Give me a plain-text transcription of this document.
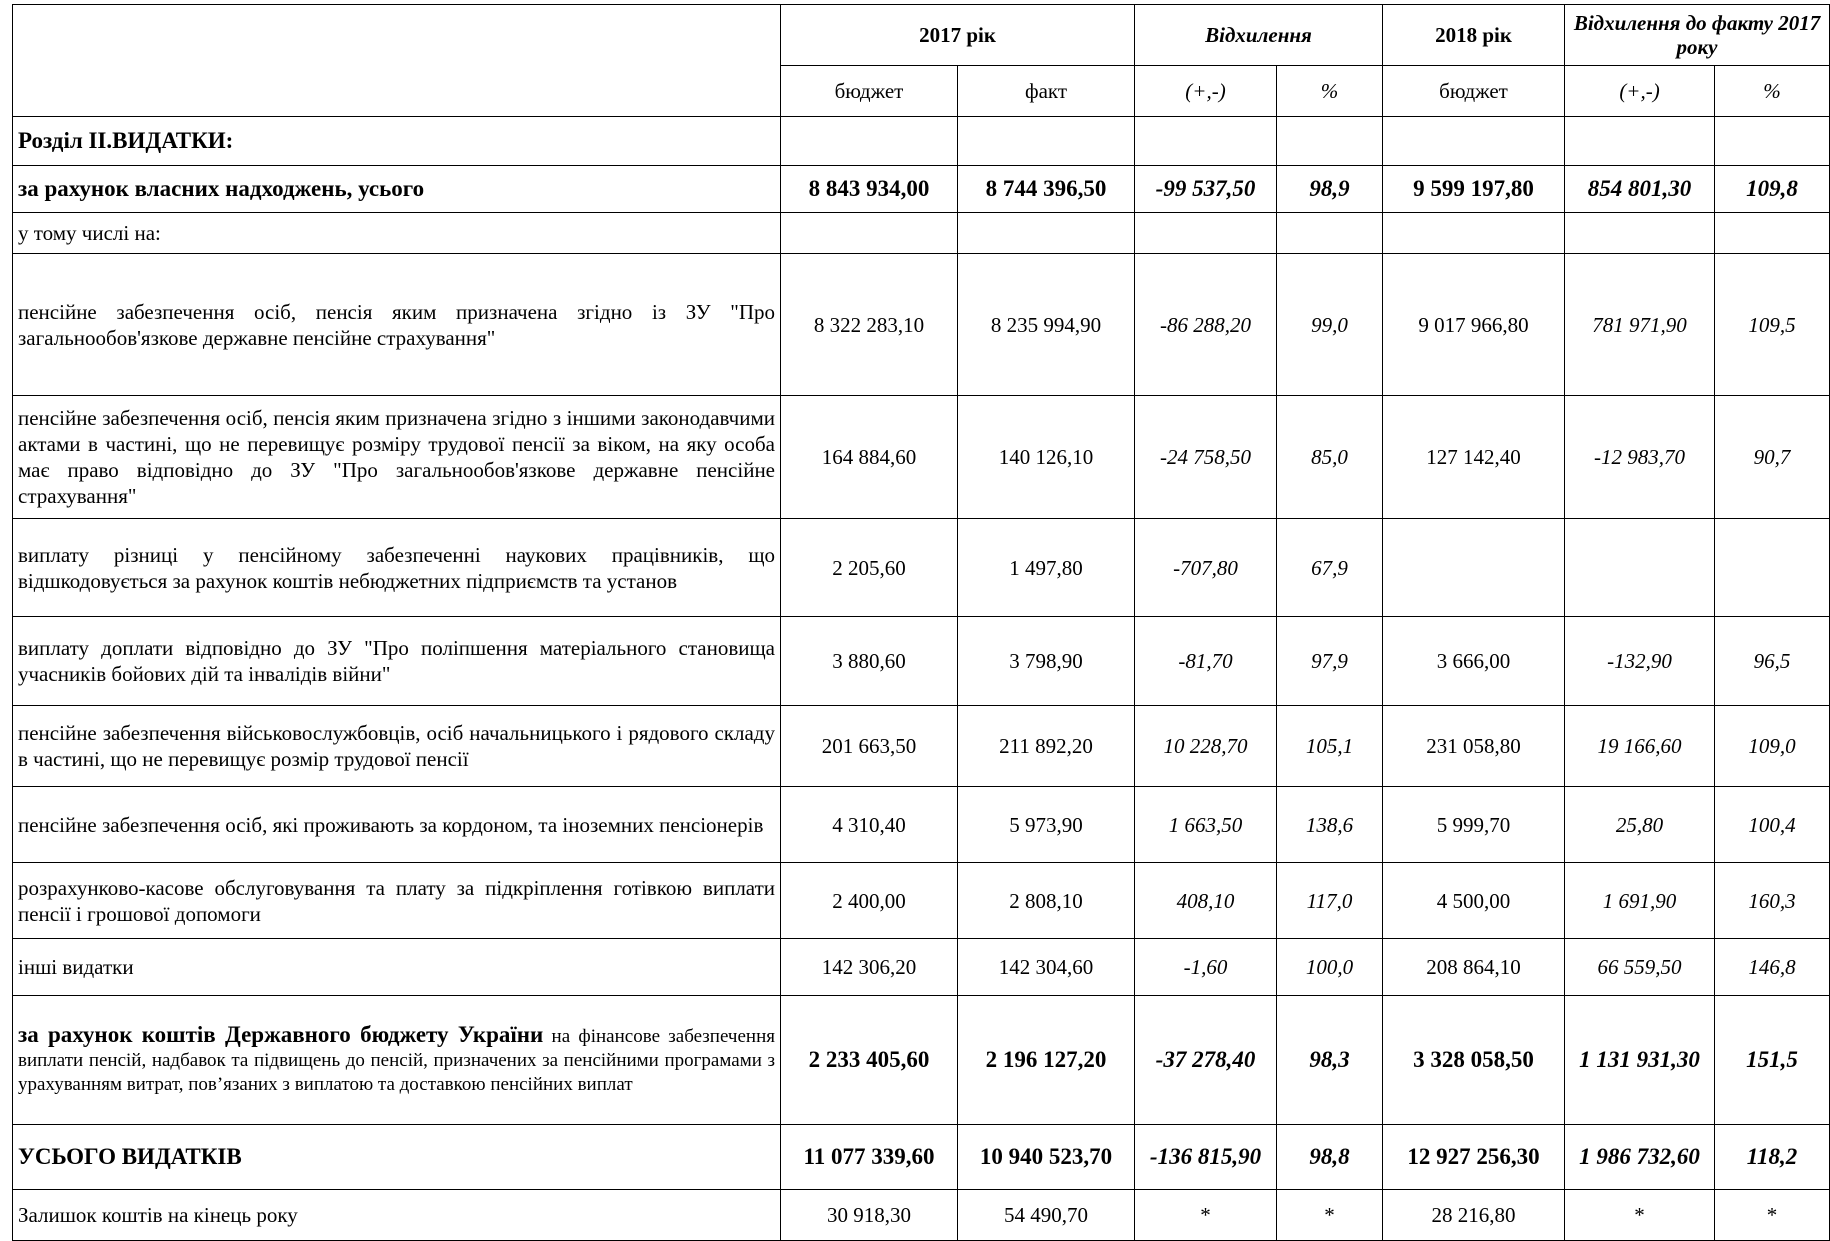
	2017 рік		Відхилення		2018 рік	Відхилення до факту 2017 року	
	бюджет	факт	(+,-)	%	бюджет	(+,-)	%
Розділ ІІ.ВИДАТКИ:							
за рахунок власних надходжень, усього	8 843 934,00	8 744 396,50	-99 537,50	98,9	9 599 197,80	854 801,30	109,8
у тому числі на:							
пенсійне забезпечення осіб, пенсія яким призначена згідно із ЗУ "Про загальнообов'язкове державне пенсійне страхування"	8 322 283,10	8 235 994,90	-86 288,20	99,0	9 017 966,80	781 971,90	109,5
пенсійне забезпечення осіб, пенсія яким призначена згідно з іншими законодавчими актами в частині, що не перевищує розміру трудової пенсії за віком, на яку особа має право відповідно до ЗУ "Про загальнообов'язкове державне пенсійне страхування"	164 884,60	140 126,10	-24 758,50	85,0	127 142,40	-12 983,70	90,7
виплату різниці у пенсійному забезпеченні наукових працівників, що відшкодовується за рахунок коштів небюджетних підприємств та установ	2 205,60	1 497,80	-707,80	67,9			
виплату доплати відповідно до ЗУ "Про поліпшення матеріального становища учасників бойових дій та інвалідів війни"	3 880,60	3 798,90	-81,70	97,9	3 666,00	-132,90	96,5
пенсійне забезпечення військовослужбовців, осіб начальницького і рядового складу в частині, що не перевищує розмір трудової пенсії	201 663,50	211 892,20	10 228,70	105,1	231 058,80	19 166,60	109,0
пенсійне забезпечення осіб, які проживають за кордоном, та іноземних пенсіонерів	4 310,40	5 973,90	1 663,50	138,6	5 999,70	25,80	100,4
розрахунково-касове обслуговування та плату за підкріплення готівкою виплати пенсії і грошової допомоги	2 400,00	2 808,10	408,10	117,0	4 500,00	1 691,90	160,3
інші видатки	142 306,20	142 304,60	-1,60	100,0	208 864,10	66 559,50	146,8
за рахунок коштів Державного бюджету України на фінансове забезпечення виплати пенсій, надбавок та підвищень до пенсій, призначених за пенсійними програмами з урахуванням витрат, пов’язаних з виплатою та доставкою пенсійних виплат	2 233 405,60	2 196 127,20	-37 278,40	98,3	3 328 058,50	1 131 931,30	151,5
УСЬОГО ВИДАТКІВ	11 077 339,60	10 940 523,70	-136 815,90	98,8	12 927 256,30	1 986 732,60	118,2
Залишок коштів на кінець року	30 918,30	54 490,70	*	*	28 216,80	*	*
